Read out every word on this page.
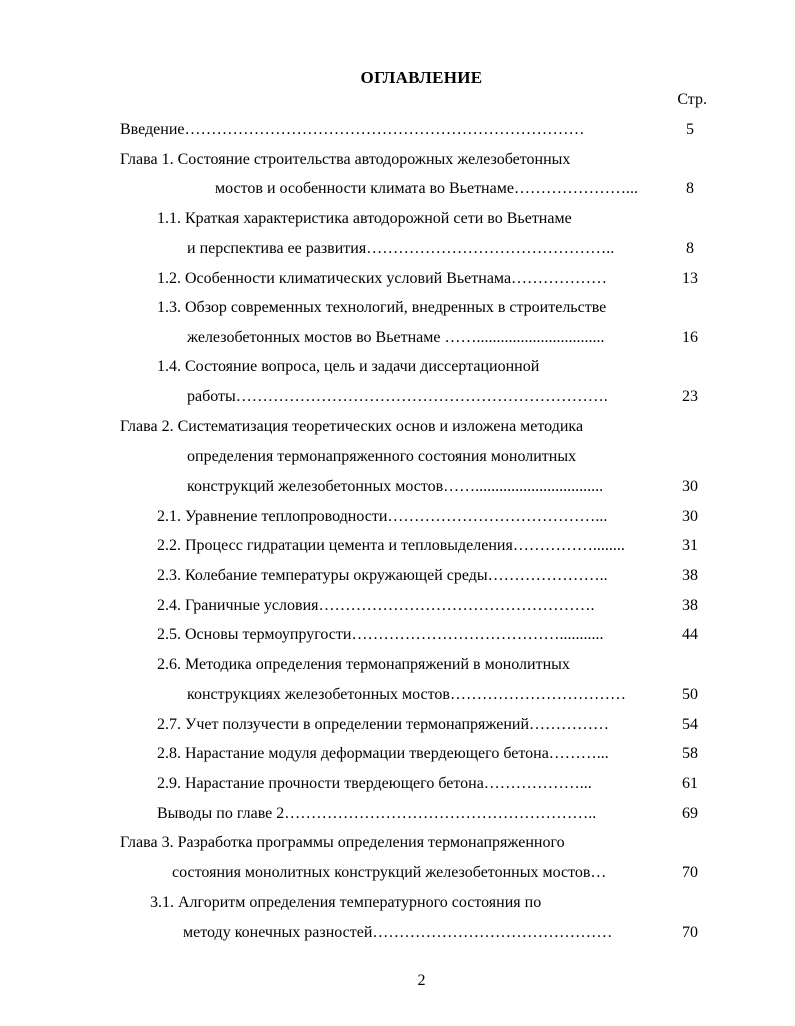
ОГЛАВЛЕНИЕ
Стр.
Введение…………………………………………………………………	5
Глава 1. Состояние строительства автодорожных железобетонных
мостов и особенности климата во Вьетнаме…………………...	8
1.1. Краткая характеристика автодорожной сети во Вьетнаме
и перспектива ее развития………………………………………..	8
1.2. Особенности климатических условий Вьетнама………………	13
1.3. Обзор современных технологий, внедренных в строительстве
железобетонных мостов во Вьетнаме ……................................	16
1.4. Состояние вопроса, цель и задачи диссертационной
работы…………………………………………………………….	23
Глава 2. Систематизация теоретических основ и изложена методика
определения термонапряженного состояния монолитных
конструкций железобетонных мостов……................................	30
2.1. Уравнение теплопроводности…………………………………...	30
2.2. Процесс гидратации цемента и тепловыделения……………........	31
2.3. Колебание температуры окружающей среды…………………..	38
2.4. Граничные условия…………………………………………….	38
2.5. Основы термоупругости…………………………………...........	44
2.6. Методика определения термонапряжений в монолитных
конструкциях железобетонных мостов……………………………	50
2.7. Учет ползучести в определении термонапряжений……………	54
2.8. Нарастание модуля деформации твердеющего бетона………...	58
2.9. Нарастание прочности твердеющего бетона………………...	61
Выводы по главе 2…………………………………………………..	69
Глава 3. Разработка программы определения термонапряженного
состояния монолитных конструкций железобетонных мостов…	70
3.1. Алгоритм определения температурного состояния по
методу конечных разностей………………………………………	70
2
